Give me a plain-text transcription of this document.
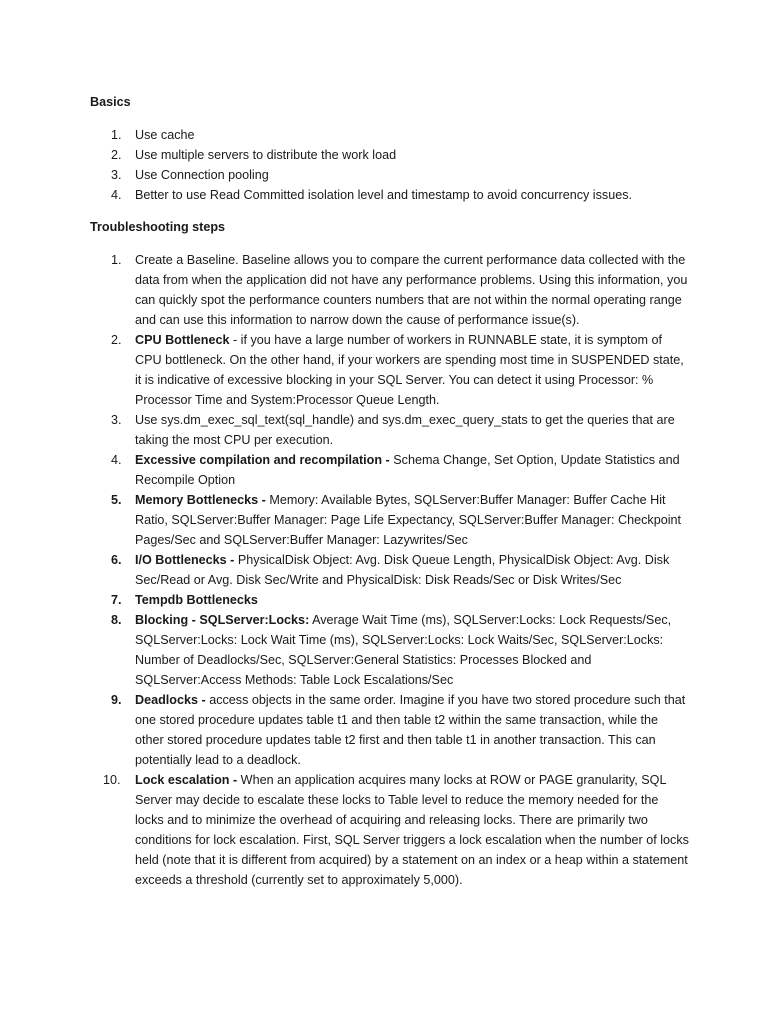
Basics
1. Use cache
2. Use multiple servers to distribute the work load
3. Use Connection pooling
4. Better to use Read Committed isolation level and timestamp to avoid concurrency issues.
Troubleshooting steps
1. Create a Baseline. Baseline allows you to compare the current performance data collected with the data from when the application did not have any performance problems. Using this information, you can quickly spot the performance counters numbers that are not within the normal operating range and can use this information to narrow down the cause of performance issue(s).
2. CPU Bottleneck - if you have a large number of workers in RUNNABLE state, it is symptom of CPU bottleneck. On the other hand, if your workers are spending most time in SUSPENDED state, it is indicative of excessive blocking in your SQL Server. You can detect it using Processor: % Processor Time and System:Processor Queue Length.
3. Use sys.dm_exec_sql_text(sql_handle) and sys.dm_exec_query_stats to get the queries that are taking the most CPU per execution.
4. Excessive compilation and recompilation - Schema Change, Set Option, Update Statistics and Recompile Option
5. Memory Bottlenecks - Memory: Available Bytes, SQLServer:Buffer Manager: Buffer Cache Hit Ratio, SQLServer:Buffer Manager: Page Life Expectancy, SQLServer:Buffer Manager: Checkpoint Pages/Sec and SQLServer:Buffer Manager: Lazywrites/Sec
6. I/O Bottlenecks - PhysicalDisk Object: Avg. Disk Queue Length, PhysicalDisk Object: Avg. Disk Sec/Read or Avg. Disk Sec/Write and PhysicalDisk: Disk Reads/Sec or Disk Writes/Sec
7. Tempdb Bottlenecks
8. Blocking - SQLServer:Locks: Average Wait Time (ms), SQLServer:Locks: Lock Requests/Sec, SQLServer:Locks: Lock Wait Time (ms), SQLServer:Locks: Lock Waits/Sec, SQLServer:Locks: Number of Deadlocks/Sec, SQLServer:General Statistics: Processes Blocked and SQLServer:Access Methods: Table Lock Escalations/Sec
9. Deadlocks - access objects in the same order. Imagine if you have two stored procedure such that one stored procedure updates table t1 and then table t2 within the same transaction, while the other stored procedure updates table t2 first and then table t1 in another transaction. This can potentially lead to a deadlock.
10. Lock escalation - When an application acquires many locks at ROW or PAGE granularity, SQL Server may decide to escalate these locks to Table level to reduce the memory needed for the locks and to minimize the overhead of acquiring and releasing locks. There are primarily two conditions for lock escalation. First, SQL Server triggers a lock escalation when the number of locks held (note that it is different from acquired) by a statement on an index or a heap within a statement exceeds a threshold (currently set to approximately 5,000).
